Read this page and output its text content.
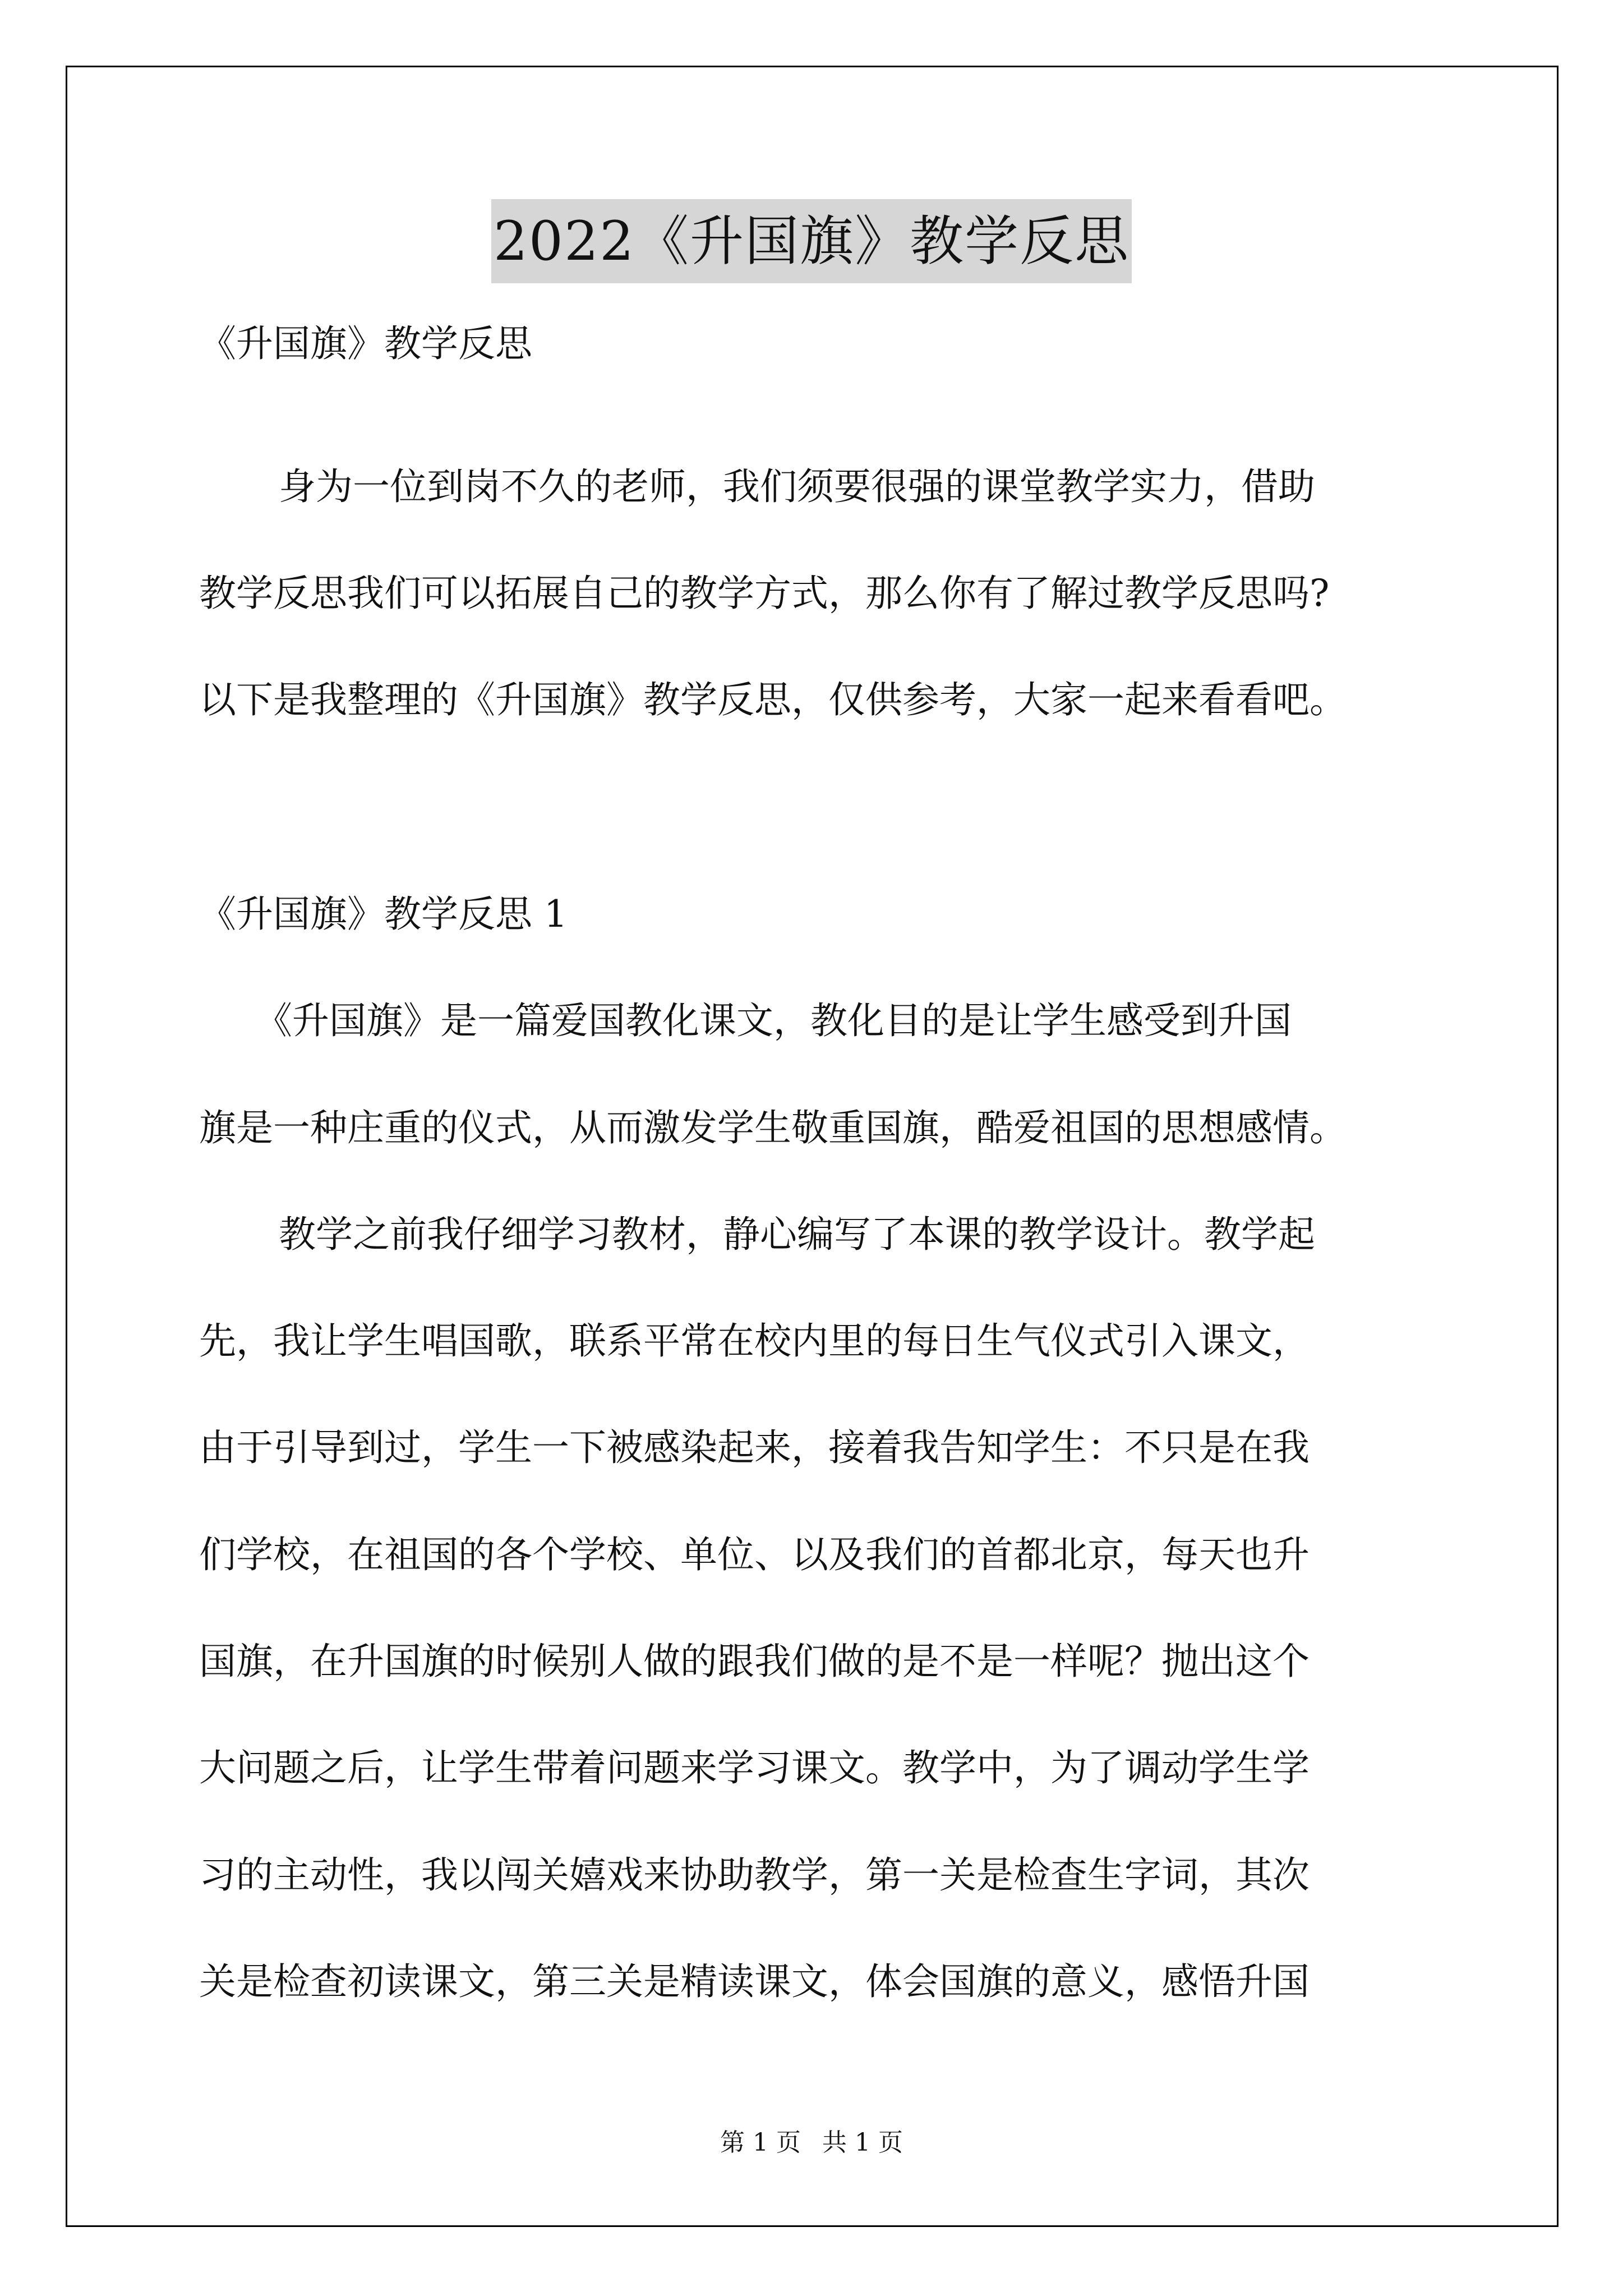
2022《升国旗》教学反思

《升国旗》教学反思

身为一位到岗不久的老师，我们须要很强的课堂教学实力，借助

教学反思我们可以拓展自己的教学方式，那么你有了解过教学反思吗?

以下是我整理的《升国旗》教学反思，仅供参考，大家一起来看看吧。

《升国旗》教学反思 1

《升国旗》是一篇爱国教化课文，教化目的是让学生感受到升国

旗是一种庄重的仪式，从而激发学生敬重国旗，酷爱祖国的思想感情。

教学之前我仔细学习教材，静心编写了本课的教学设计。教学起

先，我让学生唱国歌，联系平常在校内里的每日生气仪式引入课文，

由于引导到过，学生一下被感染起来，接着我告知学生：不只是在我

们学校，在祖国的各个学校、单位、以及我们的首都北京，每天也升

国旗，在升国旗的时候别人做的跟我们做的是不是一样呢？抛出这个

大问题之后，让学生带着问题来学习课文。教学中，为了调动学生学

习的主动性，我以闯关嬉戏来协助教学，第一关是检查生字词，其次

关是检查初读课文，第三关是精读课文，体会国旗的意义，感悟升国

第 1 页 共 1 页
